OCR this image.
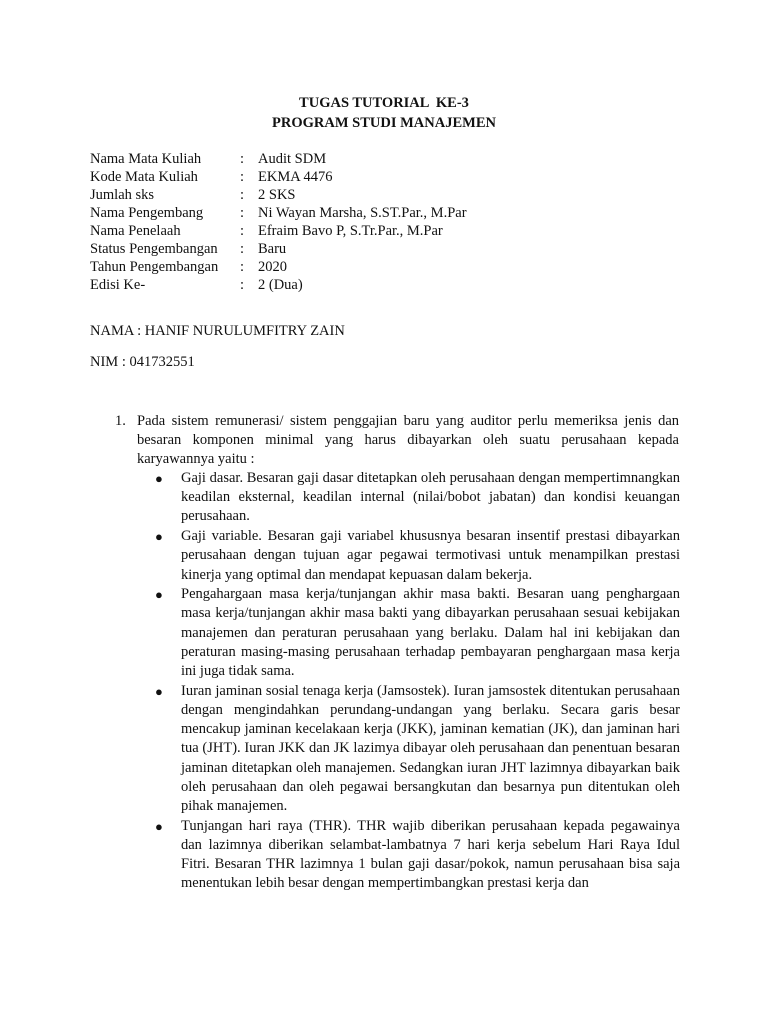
TUGAS TUTORIAL  KE-3
PROGRAM STUDI MANAJEMEN
Nama Mata Kuliah	:	Audit SDM
Kode Mata Kuliah	:	EKMA 4476
Jumlah sks	:	2 SKS
Nama Pengembang	:	Ni Wayan Marsha, S.ST.Par., M.Par
Nama Penelaah	:	Efraim Bavo P, S.Tr.Par., M.Par
Status Pengembangan	:	Baru
Tahun Pengembangan	:	2020
Edisi Ke-	:	2 (Dua)
NAMA : HANIF NURULUMFITRY ZAIN
NIM : 041732551
1. Pada sistem remunerasi/ sistem penggajian baru yang auditor perlu memeriksa jenis dan besaran komponen minimal yang harus dibayarkan oleh suatu perusahaan kepada karyawannya yaitu :
●	Gaji dasar. Besaran gaji dasar ditetapkan oleh perusahaan dengan mempertimnangkan keadilan eksternal, keadilan internal (nilai/bobot jabatan) dan kondisi keuangan perusahaan.
●	Gaji variable. Besaran gaji variabel khususnya besaran insentif prestasi dibayarkan perusahaan dengan tujuan agar pegawai termotivasi untuk menampilkan prestasi kinerja yang optimal dan mendapat kepuasan dalam bekerja.
●	Pengahargaan masa kerja/tunjangan akhir masa bakti. Besaran uang penghargaan masa kerja/tunjangan akhir masa bakti yang dibayarkan perusahaan sesuai kebijakan manajemen dan peraturan perusahaan yang berlaku. Dalam hal ini kebijakan dan peraturan masing-masing perusahaan terhadap pembayaran penghargaan masa kerja ini juga tidak sama.
●	Iuran jaminan sosial tenaga kerja (Jamsostek). Iuran jamsostek ditentukan perusahaan dengan mengindahkan perundang-undangan yang berlaku. Secara garis besar mencakup jaminan kecelakaan kerja (JKK), jaminan kematian (JK), dan jaminan hari tua (JHT). Iuran JKK dan JK lazimya dibayar oleh perusahaan dan penentuan besaran jaminan ditetapkan oleh manajemen. Sedangkan iuran JHT lazimnya dibayarkan baik oleh perusahaan dan oleh pegawai bersangkutan dan besarnya pun ditentukan oleh pihak manajemen.
●	Tunjangan hari raya (THR). THR wajib diberikan perusahaan kepada pegawainya dan lazimnya diberikan selambat-lambatnya 7 hari kerja sebelum Hari Raya Idul Fitri. Besaran THR lazimnya 1 bulan gaji dasar/pokok, namun perusahaan bisa saja menentukan lebih besar dengan mempertimbangkan prestasi kerja dan
